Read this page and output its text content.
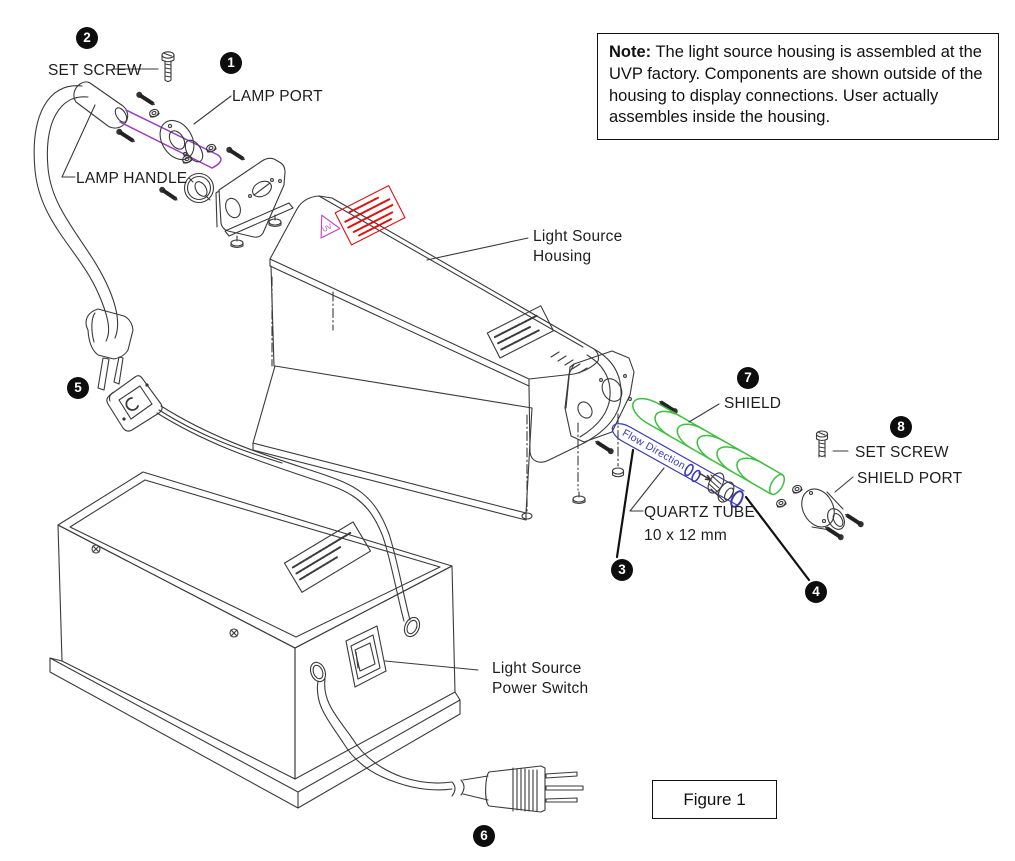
UV
Note: The light source housing is assembled at the UVP factory. Components are shown outside of the housing to display connections. User actually assembles inside the housing.
Figure 1
SET SCREW
LAMP PORT
LAMP HANDLE
Light Source
Housing
SHIELD
SET SCREW
SHIELD PORT
QUARTZ TUBE
10 x 12 mm
Light Source
Power Switch
Flow Direction
1
2
3
4
5
6
7
8
